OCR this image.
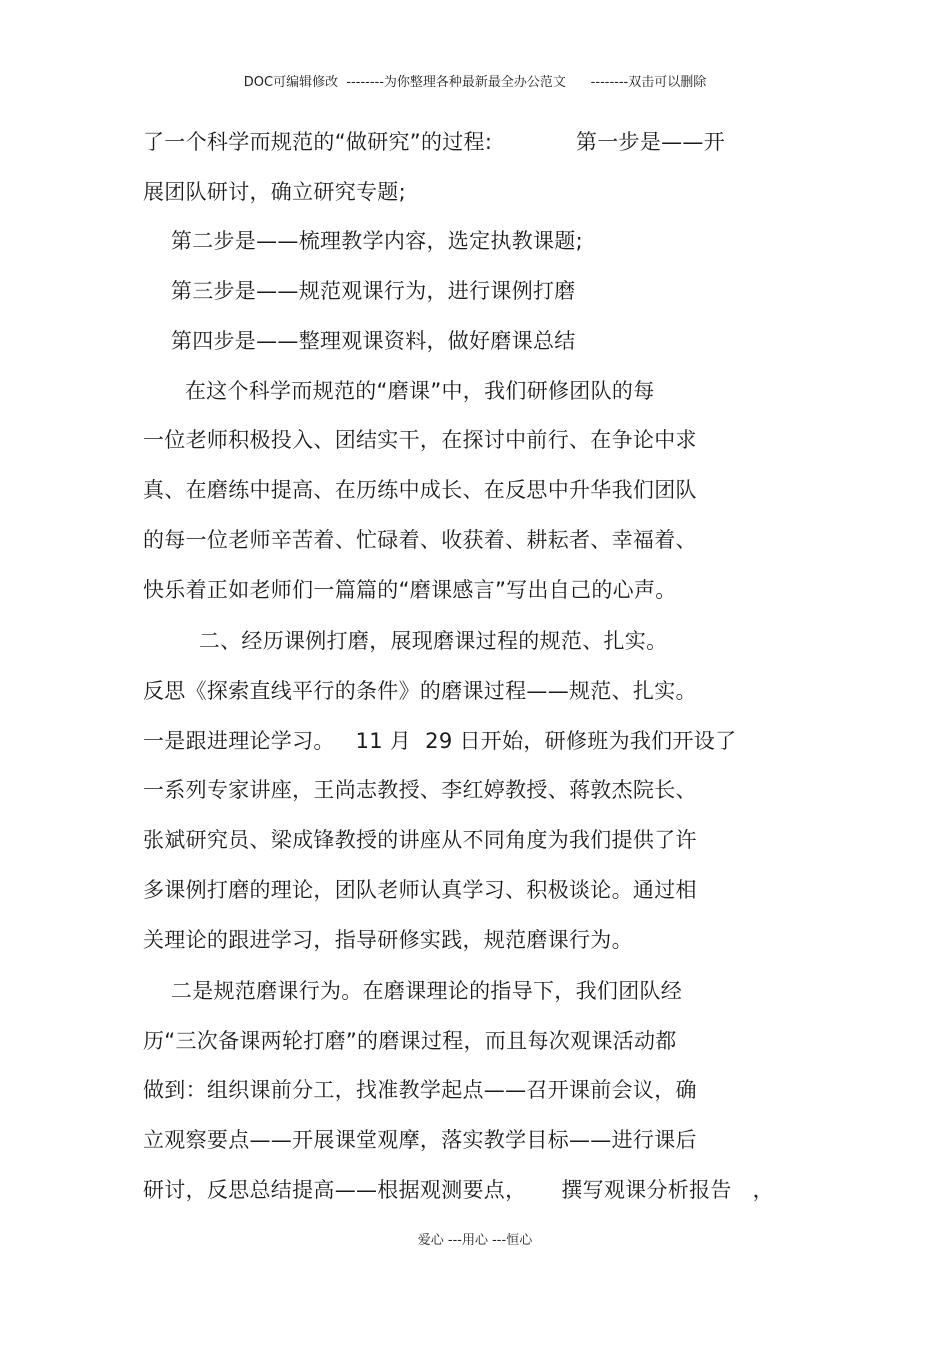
DOC可编辑修改  --------为你整理各种最新最全办公范文      --------双击可以删除
了一个科学而规范的“做研究”的过程:            第一步是——开
展团队研讨，确立研究专题;
第二步是——梳理教学内容，选定执教课题;
第三步是——规范观课行为，进行课例打磨
第四步是——整理观课资料，做好磨课总结
在这个科学而规范的“磨课”中，我们研修团队的每
一位老师积极投入、团结实干，在探讨中前行、在争论中求
真、在磨练中提高、在历练中成长、在反思中升华我们团队
的每一位老师辛苦着、忙碌着、收获着、耕耘者、幸福着、
快乐着正如老师们一篇篇的“磨课感言”写出自己的心声。
二、经历课例打磨，展现磨课过程的规范、扎实。
反思《探索直线平行的条件》的磨课过程——规范、扎实。
一是跟进理论学习。   11 月  29 日开始，研修班为我们开设了
一系列专家讲座，王尚志教授、李红婷教授、蒋敦杰院长、
张斌研究员、梁成锋教授的讲座从不同角度为我们提供了许
多课例打磨的理论，团队老师认真学习、积极谈论。通过相
关理论的跟进学习，指导研修实践，规范磨课行为。
二是规范磨课行为。在磨课理论的指导下，我们团队经
历“三次备课两轮打磨”的磨课过程，而且每次观课活动都
做到：组织课前分工，找准教学起点——召开课前会议，确
立观察要点——开展课堂观摩，落实教学目标——进行课后
研讨，反思总结提高——根据观测要点，     撰写观课分析报告   ，
爱心 ---用心 ---恒心
